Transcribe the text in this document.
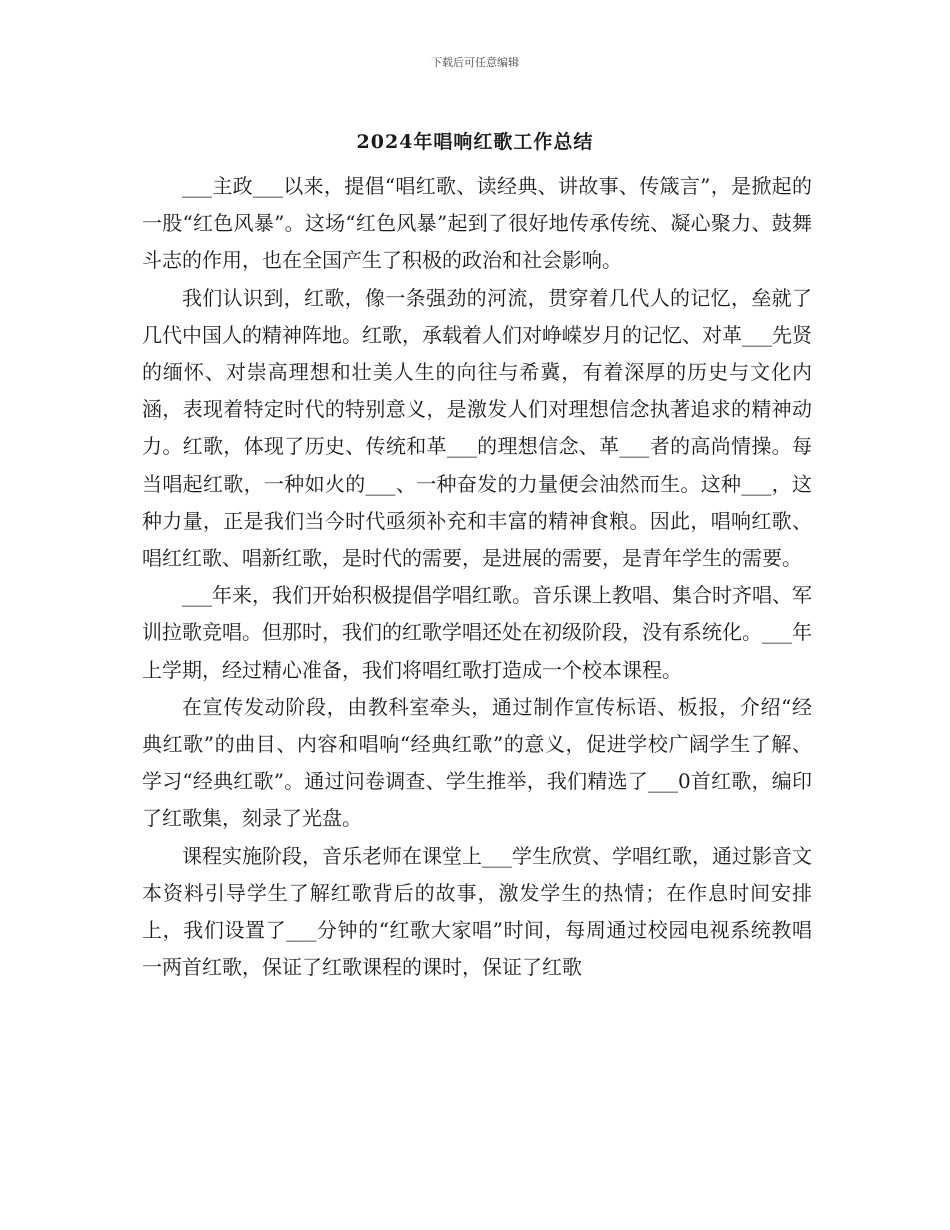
下载后可任意编辑
2024年唱响红歌工作总结

___主政___以来，提倡“唱红歌、读经典、讲故事、传箴言”，是掀起的一股“红色风暴”。这场“红色风暴”起到了很好地传承传统、凝心聚力、鼓舞斗志的作用，也在全国产生了积极的政治和社会影响。

我们认识到，红歌，像一条强劲的河流，贯穿着几代人的记忆，垒就了几代中国人的精神阵地。红歌，承载着人们对峥嵘岁月的记忆、对革___先贤的缅怀、对崇高理想和壮美人生的向往与希冀，有着深厚的历史与文化内涵，表现着特定时代的特别意义，是激发人们对理想信念执著追求的精神动力。红歌，体现了历史、传统和革___的理想信念、革___者的高尚情操。每当唱起红歌，一种如火的___、一种奋发的力量便会油然而生。这种___，这种力量，正是我们当今时代亟须补充和丰富的精神食粮。因此，唱响红歌、唱红红歌、唱新红歌，是时代的需要，是进展的需要，是青年学生的需要。

___年来，我们开始积极提倡学唱红歌。音乐课上教唱、集合时齐唱、军训拉歌竞唱。但那时，我们的红歌学唱还处在初级阶段，没有系统化。___年上学期，经过精心准备，我们将唱红歌打造成一个校本课程。

在宣传发动阶段，由教科室牵头，通过制作宣传标语、板报，介绍“经典红歌”的曲目、内容和唱响“经典红歌”的意义，促进学校广阔学生了解、学习“经典红歌”。通过问卷调查、学生推举，我们精选了___0首红歌，编印了红歌集，刻录了光盘。

课程实施阶段，音乐老师在课堂上___学生欣赏、学唱红歌，通过影音文本资料引导学生了解红歌背后的故事，激发学生的热情；在作息时间安排上，我们设置了___分钟的“红歌大家唱”时间，每周通过校园电视系统教唱一两首红歌，保证了红歌课程的课时，保证了红歌
